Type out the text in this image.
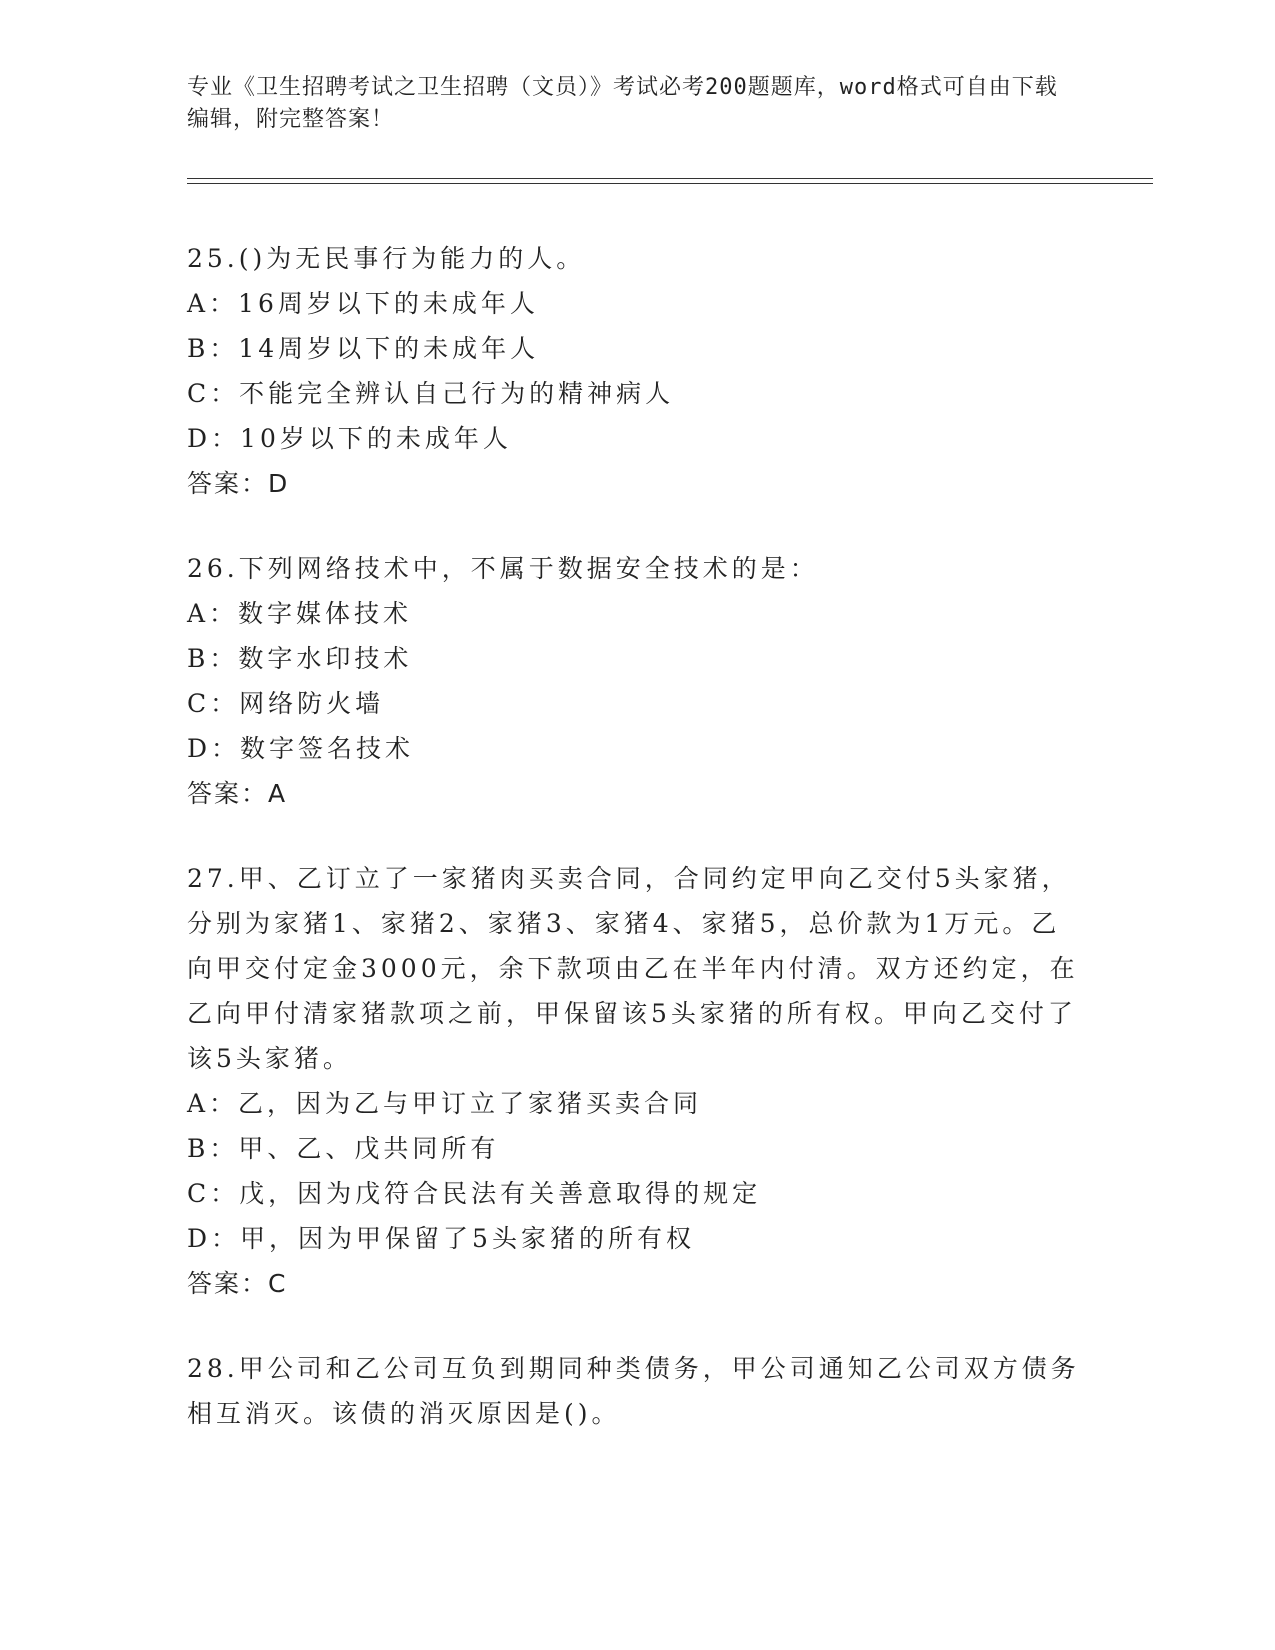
专业《卫生招聘考试之卫生招聘（文员）》考试必考200题题库，word格式可自由下载编辑，附完整答案！

25.()为无民事行为能力的人。

A：16周岁以下的未成年人

B：14周岁以下的未成年人

C：不能完全辨认自己行为的精神病人

D：10岁以下的未成年人

答案：D

26.下列网络技术中，不属于数据安全技术的是：

A：数字媒体技术

B：数字水印技术

C：网络防火墙

D：数字签名技术

答案：A

27.甲、乙订立了一家猪肉买卖合同，合同约定甲向乙交付5头家猪，分别为家猪1、家猪2、家猪3、家猪4、家猪5，总价款为1万元。乙向甲交付定金3000元，余下款项由乙在半年内付清。双方还约定，在乙向甲付清家猪款项之前，甲保留该5头家猪的所有权。甲向乙交付了该5头家猪。

A：乙，因为乙与甲订立了家猪买卖合同

B：甲、乙、戊共同所有

C：戊，因为戊符合民法有关善意取得的规定

D：甲，因为甲保留了5头家猪的所有权

答案：C

28.甲公司和乙公司互负到期同种类债务，甲公司通知乙公司双方债务相互消灭。该债的消灭原因是()。
